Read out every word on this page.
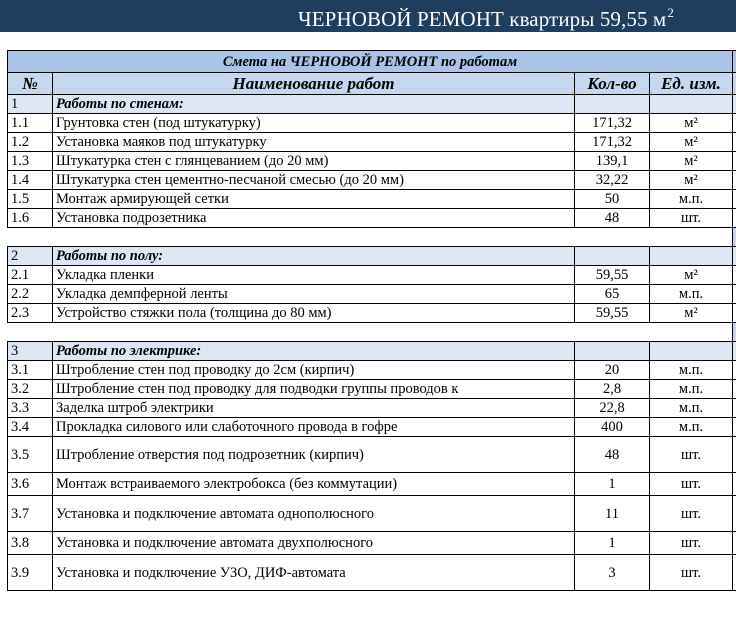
ЧЕРНОВОЙ РЕМОНТ квартиры 59,55 $м^2$
Смета на ЧЕРНОВОЙ РЕМОНТ по работам				
№	Наименование работ	Кол-во	Ед. изм.	
1	Работы по стенам:			
1.1	Грунтовка стен (под штукатурку)	171,32	м²	
1.2	Установка маяков под штукатурку	171,32	м²	
1.3	Штукатурка стен с глянцеванием (до 20 мм)	139,1	м²	
1.4	Штукатурка стен цементно-песчаной смесью (до 20 мм)	32,22	м²	
1.5	Монтаж армирующей сетки	50	м.п.	
1.6	Установка подрозетника	48	шт.	

2	Работы по полу:			
2.1	Укладка пленки	59,55	м²	
2.2	Укладка демпферной ленты	65	м.п.	
2.3	Устройство стяжки пола (толщина до 80 мм)	59,55	м²	

3	Работы по электрике:			
3.1	Штробление стен под проводку до 2см (кирпич)	20	м.п.	
3.2	Штробление стен под проводку для подводки группы проводов к	2,8	м.п.	
3.3	Заделка штроб электрики	22,8	м.п.	
3.4	Прокладка силового или слаботочного провода в гофре	400	м.п.	
3.5	Штробление отверстия под подрозетник (кирпич)	48	шт.	
3.6	Монтаж встраиваемого электробокса (без коммутации)	1	шт.	
3.7	Установка и подключение автомата однополюсного	11	шт.	
3.8	Установка и подключение автомата двухполюсного	1	шт.	
3.9	Установка и подключение УЗО, ДИФ-автомата	3	шт.	
